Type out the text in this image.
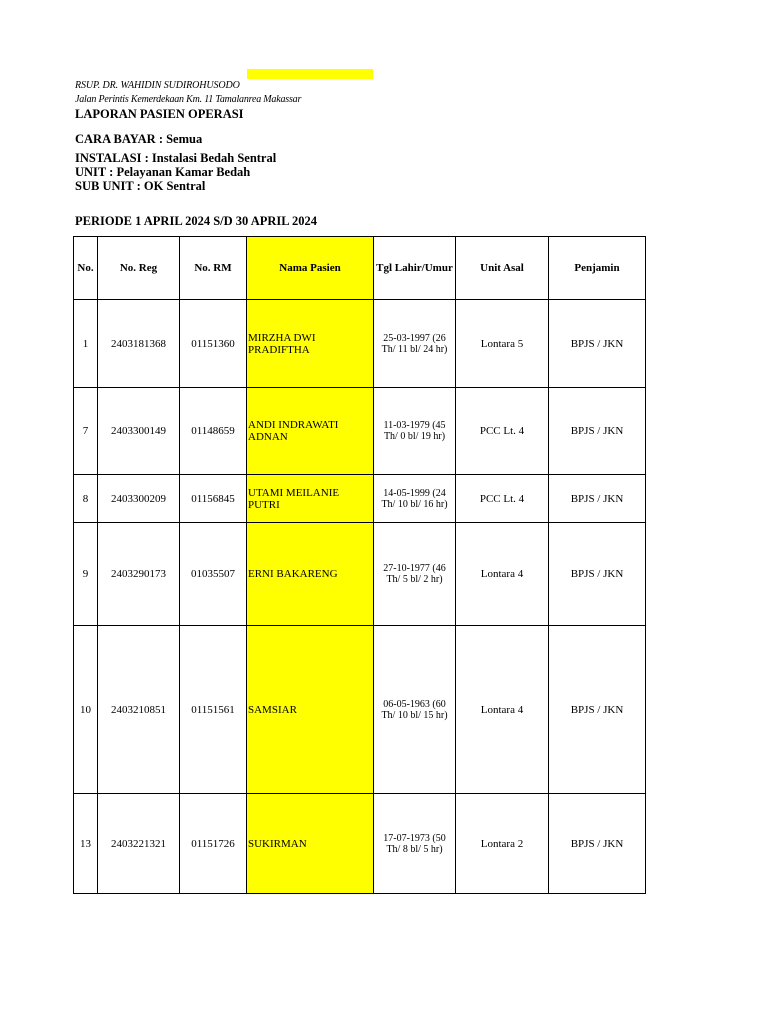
RSUP. DR. WAHIDIN SUDIROHUSODO
Jalan Perintis Kemerdekaan Km. 11 Tamalanrea Makassar
LAPORAN PASIEN OPERASI
CARA BAYAR : Semua
INSTALASI : Instalasi Bedah Sentral
UNIT : Pelayanan Kamar Bedah
SUB UNIT : OK Sentral
PERIODE 1 APRIL 2024 S/D 30 APRIL 2024
No.	No. Reg	No. RM	Nama Pasien	Tgl Lahir/Umur	Unit Asal	Penjamin
1	2403181368	01151360	MIRZHA DWI PRADIFTHA	25-03-1997 (26 Th/ 11 bl/ 24 hr)	Lontara 5	BPJS / JKN
7	2403300149	01148659	ANDI INDRAWATI ADNAN	11-03-1979 (45 Th/ 0 bl/ 19 hr)	PCC Lt. 4	BPJS / JKN
8	2403300209	01156845	UTAMI MEILANIE PUTRI	14-05-1999 (24 Th/ 10 bl/ 16 hr)	PCC Lt. 4	BPJS / JKN
9	2403290173	01035507	ERNI BAKARENG	27-10-1977 (46 Th/ 5 bl/ 2 hr)	Lontara 4	BPJS / JKN
10	2403210851	01151561	SAMSIAR	06-05-1963 (60 Th/ 10 bl/ 15 hr)	Lontara 4	BPJS / JKN
13	2403221321	01151726	SUKIRMAN	17-07-1973 (50 Th/ 8 bl/ 5 hr)	Lontara 2	BPJS / JKN
